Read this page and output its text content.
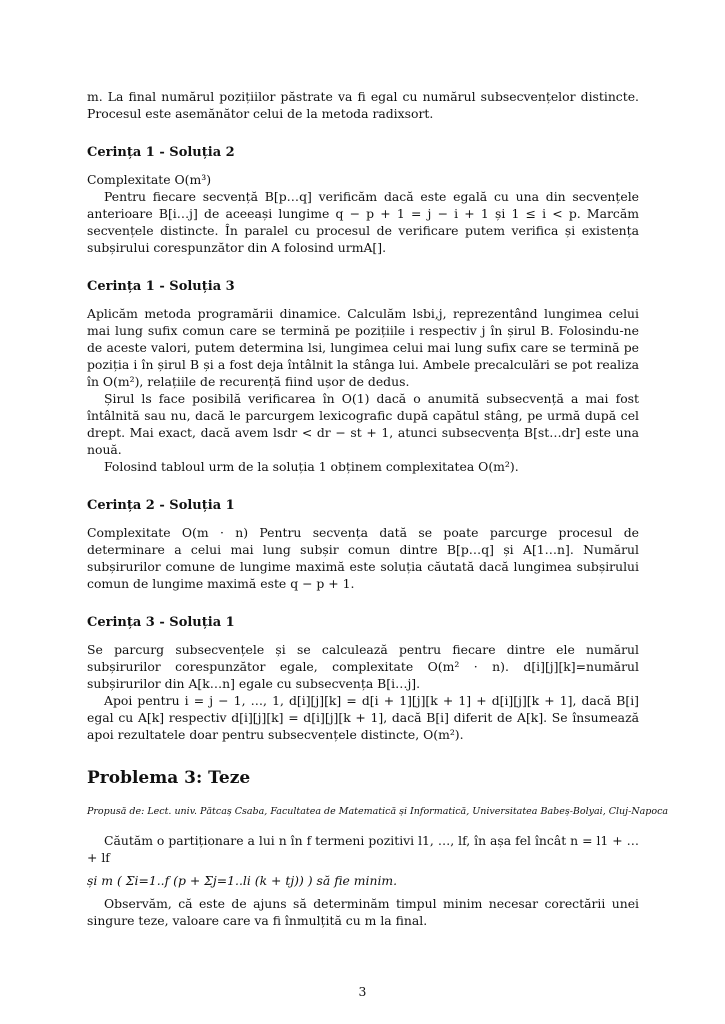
m. La final numărul pozițiilor păstrate va fi egal cu numărul subsecvențelor distincte. Procesul este asemănător celui de la metoda radixsort.

Cerința 1 - Soluția 2

Complexitate O(m³)

Pentru fiecare secvență B[p…q] verificăm dacă este egală cu una din secvențele anterioare B[i…j] de aceeași lungime q − p + 1 = j − i + 1 și 1 ≤ i < p. Marcăm secvențele distincte. În paralel cu procesul de verificare putem verifica și existența subșirului corespunzător din A folosind urmA[].

Cerința 1 - Soluția 3

Aplicăm metoda programării dinamice. Calculăm lsbi,j, reprezentând lungimea celui mai lung sufix comun care se termină pe pozițiile i respectiv j în șirul B. Folosindu-ne de aceste valori, putem determina lsi, lungimea celui mai lung sufix care se termină pe poziția i în șirul B și a fost deja întâlnit la stânga lui. Ambele precalculări se pot realiza în O(m²), relațiile de recurență fiind ușor de dedus.

Șirul ls face posibilă verificarea în O(1) dacă o anumită subsecvență a mai fost întâlnită sau nu, dacă le parcurgem lexicografic după capătul stâng, pe urmă după cel drept. Mai exact, dacă avem lsdr < dr − st + 1, atunci subsecvența B[st…dr] este una nouă.

Folosind tabloul urm de la soluția 1 obținem complexitatea O(m²).

Cerința 2 - Soluția 1

Complexitate O(m · n) Pentru secvența dată se poate parcurge procesul de determinare a celui mai lung subșir comun dintre B[p…q] și A[1…n]. Numărul subșirurilor comune de lungime maximă este soluția căutată dacă lungimea subșirului comun de lungime maximă este q − p + 1.

Cerința 3 - Soluția 1

Se parcurg subsecvențele și se calculează pentru fiecare dintre ele numărul subșirurilor corespunzător egale, complexitate O(m² · n). d[i][j][k]=numărul subșirurilor din A[k…n] egale cu subsecvența B[i…j].

Apoi pentru i = j − 1, …, 1, d[i][j][k] = d[i + 1][j][k + 1] + d[i][j][k + 1], dacă B[i] egal cu A[k] respectiv d[i][j][k] = d[i][j][k + 1], dacă B[i] diferit de A[k]. Se însumează apoi rezultatele doar pentru subsecvențele distincte, O(m²).

Problema 3: Teze

Propusă de: Lect. univ. Pătcaș Csaba, Facultatea de Matematică și Informatică, Universitatea Babeș-Bolyai, Cluj-Napoca

Căutăm o partiționare a lui n în f termeni pozitivi l1, …, lf, în așa fel încât n = l1 + … + lf

și m ( Σi=1..f (p + Σj=1..li (k + tj)) ) să fie minim.

Observăm, că este de ajuns să determinăm timpul minim necesar corectării unei singure teze, valoare care va fi înmulțită cu m la final.

3
